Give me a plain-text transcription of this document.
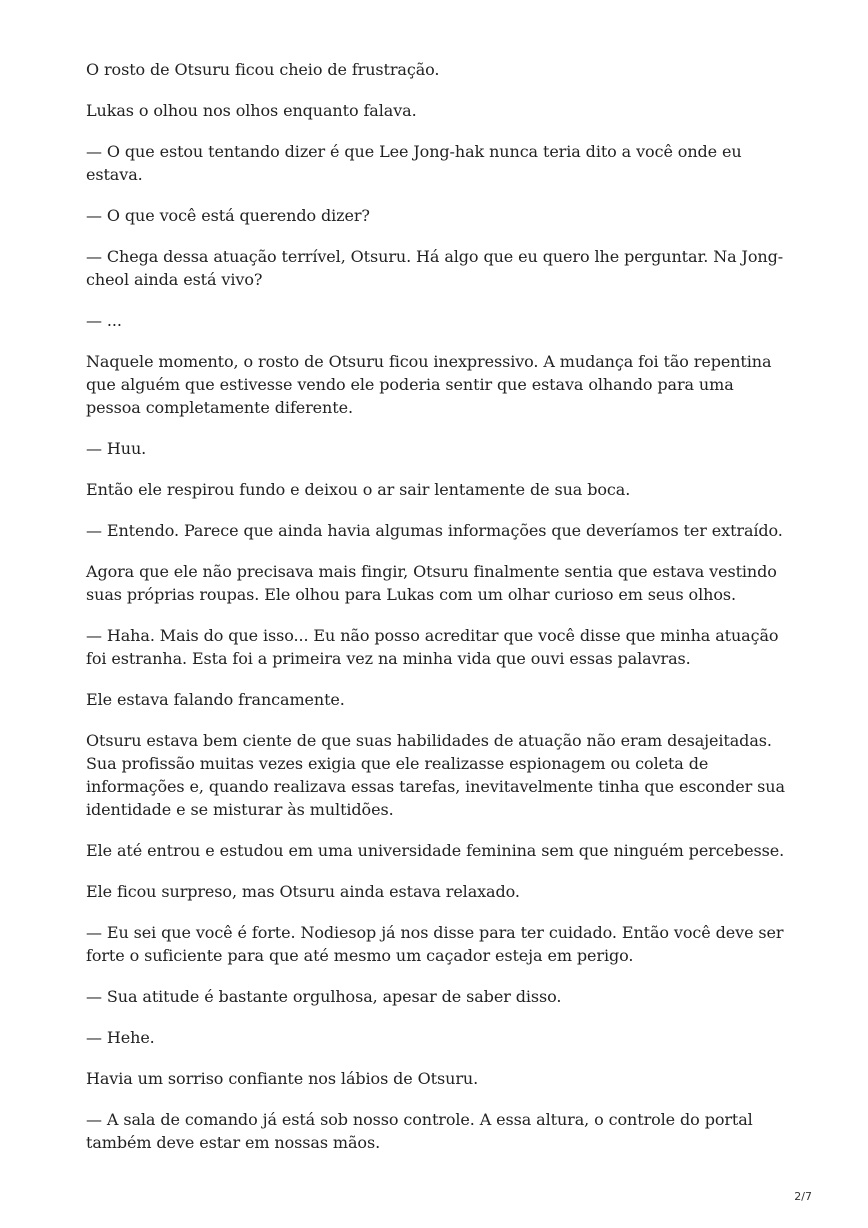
O rosto de Otsuru ficou cheio de frustração.

Lukas o olhou nos olhos enquanto falava.

— O que estou tentando dizer é que Lee Jong-hak nunca teria dito a você onde eu estava.

— O que você está querendo dizer?

— Chega dessa atuação terrível, Otsuru. Há algo que eu quero lhe perguntar. Na Jong-cheol ainda está vivo?

— ...

Naquele momento, o rosto de Otsuru ficou inexpressivo. A mudança foi tão repentina que alguém que estivesse vendo ele poderia sentir que estava olhando para uma pessoa completamente diferente.

— Huu.

Então ele respirou fundo e deixou o ar sair lentamente de sua boca.

— Entendo. Parece que ainda havia algumas informações que deveríamos ter extraído.

Agora que ele não precisava mais fingir, Otsuru finalmente sentia que estava vestindo suas próprias roupas. Ele olhou para Lukas com um olhar curioso em seus olhos.

— Haha. Mais do que isso... Eu não posso acreditar que você disse que minha atuação foi estranha. Esta foi a primeira vez na minha vida que ouvi essas palavras.

Ele estava falando francamente.

Otsuru estava bem ciente de que suas habilidades de atuação não eram desajeitadas. Sua profissão muitas vezes exigia que ele realizasse espionagem ou coleta de informações e, quando realizava essas tarefas, inevitavelmente tinha que esconder sua identidade e se misturar às multidões.

Ele até entrou e estudou em uma universidade feminina sem que ninguém percebesse.

Ele ficou surpreso, mas Otsuru ainda estava relaxado.

— Eu sei que você é forte. Nodiesop já nos disse para ter cuidado. Então você deve ser forte o suficiente para que até mesmo um caçador esteja em perigo.

— Sua atitude é bastante orgulhosa, apesar de saber disso.

— Hehe.

Havia um sorriso confiante nos lábios de Otsuru.

— A sala de comando já está sob nosso controle. A essa altura, o controle do portal também deve estar em nossas mãos.

2/7
